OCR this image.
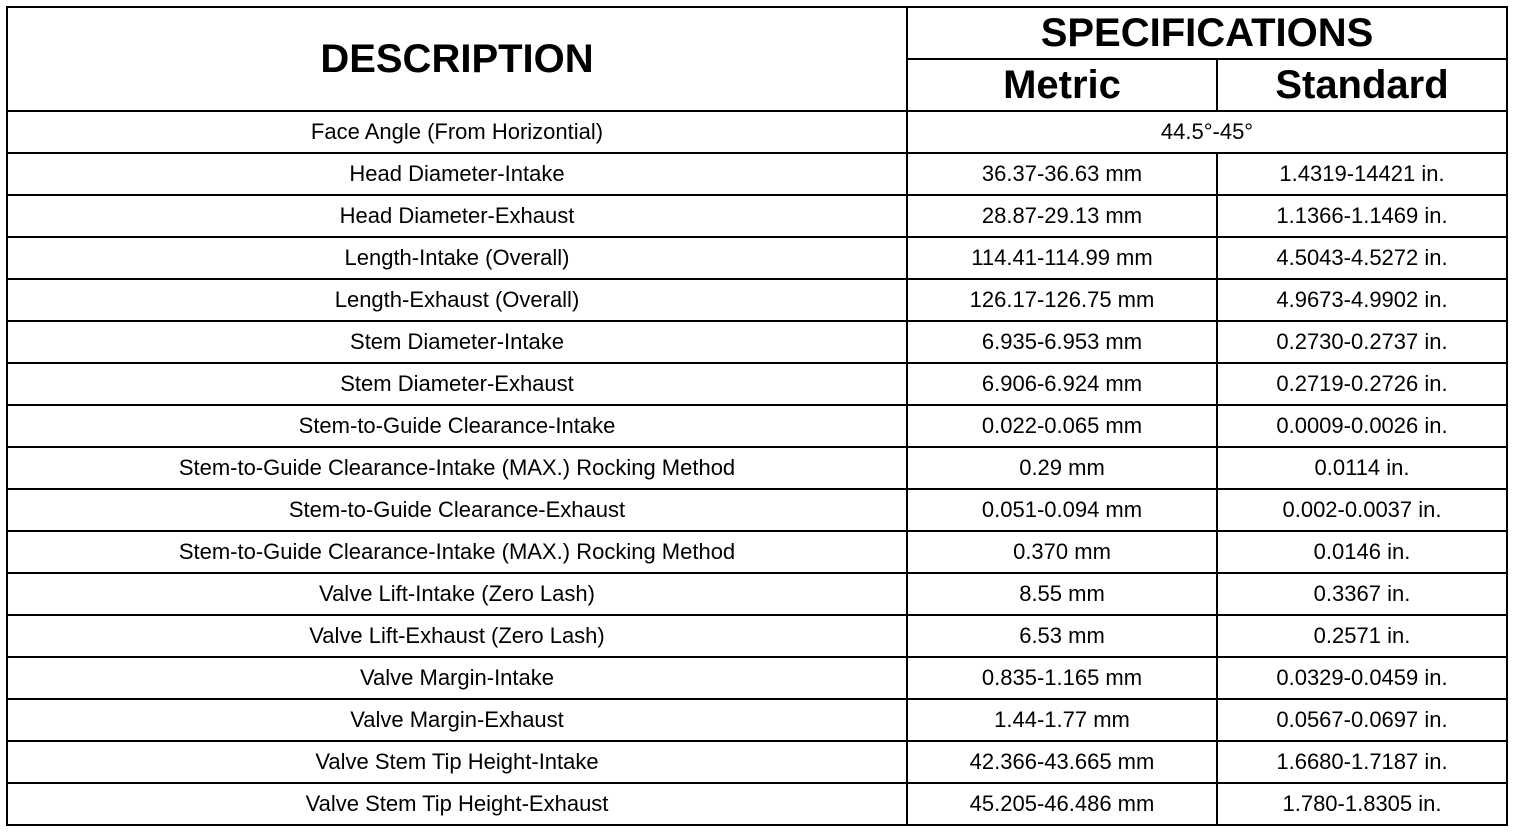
DESCRIPTION	SPECIFICATIONS	
	Metric	Standard
Face Angle (From Horizontial)	44.5°-45°	
Head Diameter-Intake	36.37-36.63 mm	1.4319-14421 in.
Head Diameter-Exhaust	28.87-29.13 mm	1.1366-1.1469 in.
Length-Intake (Overall)	114.41-114.99 mm	4.5043-4.5272 in.
Length-Exhaust (Overall)	126.17-126.75 mm	4.9673-4.9902 in.
Stem Diameter-Intake	6.935-6.953 mm	0.2730-0.2737 in.
Stem Diameter-Exhaust	6.906-6.924 mm	0.2719-0.2726 in.
Stem-to-Guide Clearance-Intake	0.022-0.065 mm	0.0009-0.0026 in.
Stem-to-Guide Clearance-Intake (MAX.) Rocking Method	0.29 mm	0.0114 in.
Stem-to-Guide Clearance-Exhaust	0.051-0.094 mm	0.002-0.0037 in.
Stem-to-Guide Clearance-Intake (MAX.) Rocking Method	0.370 mm	0.0146 in.
Valve Lift-Intake (Zero Lash)	8.55 mm	0.3367 in.
Valve Lift-Exhaust (Zero Lash)	6.53 mm	0.2571 in.
Valve Margin-Intake	0.835-1.165 mm	0.0329-0.0459 in.
Valve Margin-Exhaust	1.44-1.77 mm	0.0567-0.0697 in.
Valve Stem Tip Height-Intake	42.366-43.665 mm	1.6680-1.7187 in.
Valve Stem Tip Height-Exhaust	45.205-46.486 mm	1.780-1.8305 in.
